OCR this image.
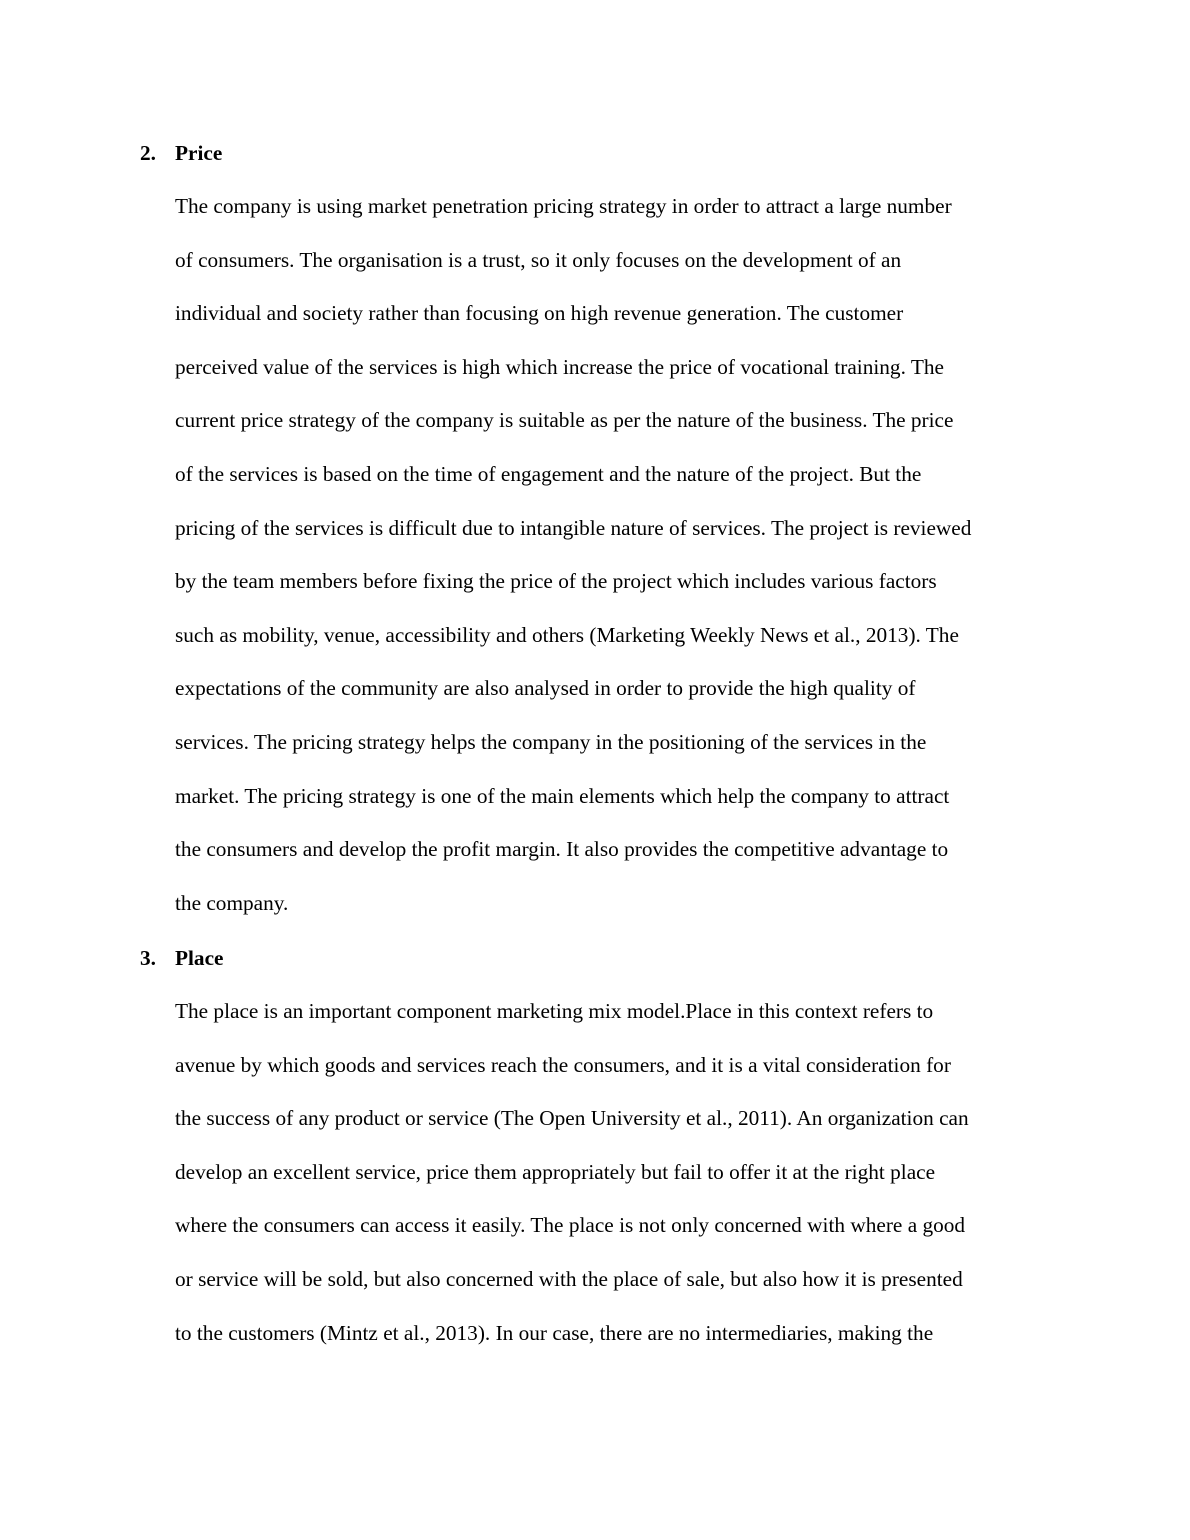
2. Price
The company is using market penetration pricing strategy in order to attract a large number
of consumers. The organisation is a trust, so it only focuses on the development of an
individual and society rather than focusing on high revenue generation. The customer
perceived value of the services is high which increase the price of vocational training. The
current price strategy of the company is suitable as per the nature of the business. The price
of the services is based on the time of engagement and the nature of the project. But the
pricing of the services is difficult due to intangible nature of services. The project is reviewed
by the team members before fixing the price of the project which includes various factors
such as mobility, venue, accessibility and others (Marketing Weekly News et al., 2013). The
expectations of the community are also analysed in order to provide the high quality of
services. The pricing strategy helps the company in the positioning of the services in the
market. The pricing strategy is one of the main elements which help the company to attract
the consumers and develop the profit margin. It also provides the competitive advantage to
the company.
3. Place
The place is an important component marketing mix model.Place in this context refers to
avenue by which goods and services reach the consumers, and it is a vital consideration for
the success of any product or service (The Open University et al., 2011). An organization can
develop an excellent service, price them appropriately but fail to offer it at the right place
where the consumers can access it easily. The place is not only concerned with where a good
or service will be sold, but also concerned with the place of sale, but also how it is presented
to the customers (Mintz et al., 2013). In our case, there are no intermediaries, making the
